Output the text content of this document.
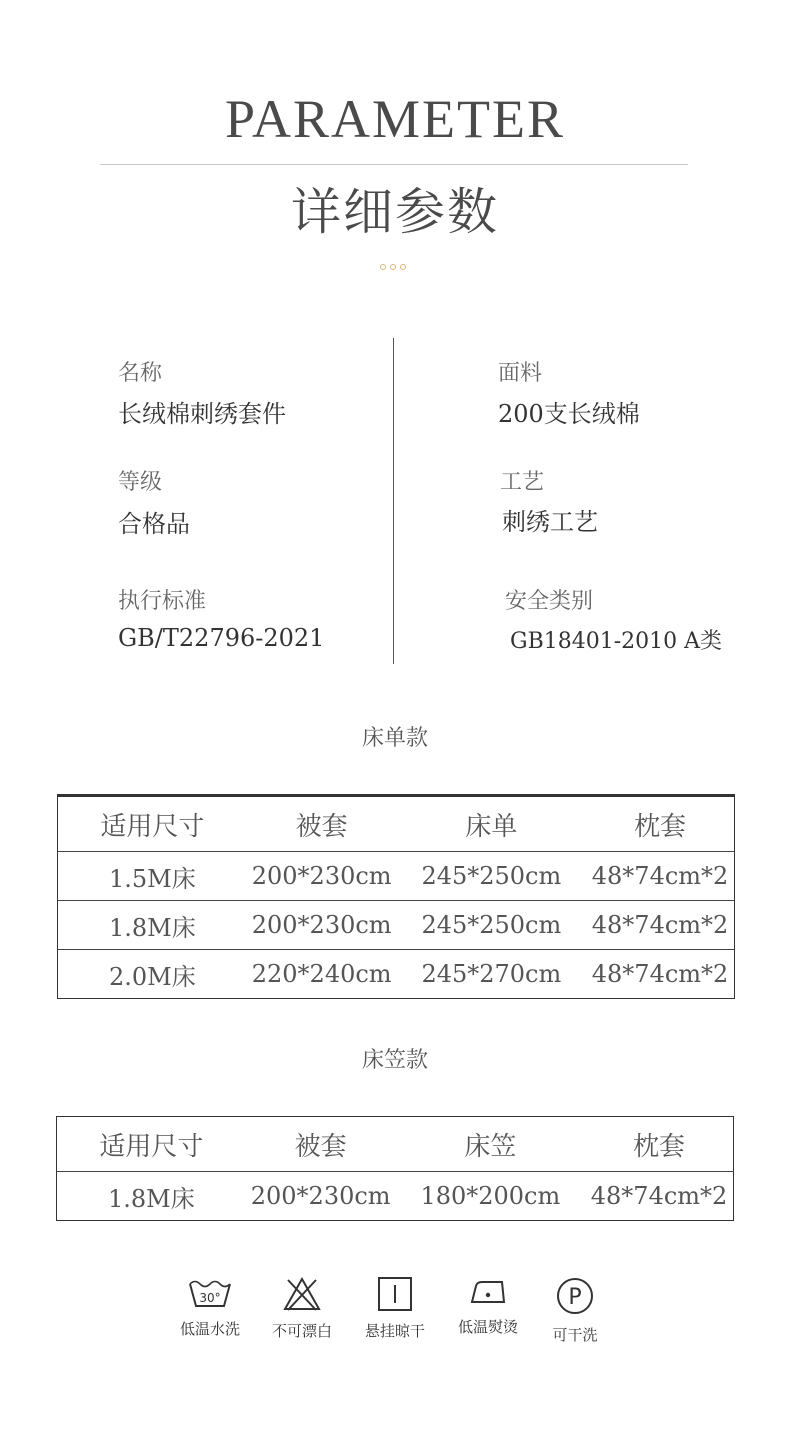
PARAMETER
详细参数
名称
长绒棉刺绣套件
面料
200支长绒棉
等级
合格品
工艺
刺绣工艺
执行标准
GB/T22796-2021
安全类别
GB18401-2010 A类
床单款
适用尺寸	被套	床单	枕套
1.5M床	200*230cm	245*250cm	48*74cm*2
1.8M床	200*230cm	245*250cm	48*74cm*2
2.0M床	220*240cm	245*270cm	48*74cm*2
床笠款
适用尺寸	被套	床笠	枕套
1.8M床	200*230cm	180*200cm	48*74cm*2
30°
低温水洗	不可漂白	悬挂晾干	低温熨烫
P
可干洗
